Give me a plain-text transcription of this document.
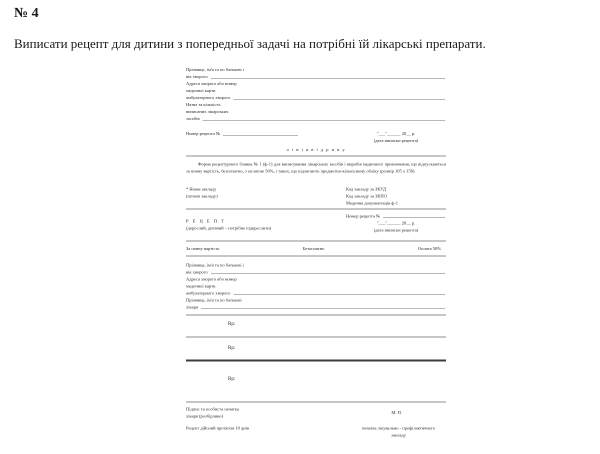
№ 4
Виписати рецепт для дитини з попередньої задачі на потрібні їй лікарські препарати.
Прізвище, ім'я та по батькові і
вік хворого
Адреса хворого або номер
медичної карти
амбулаторного хворого
Назва та кількість
виписаних лікарських
засобів
Номер рецепта №	"___"______ 20__ р.
(дата виписки рецепта)
л і н і я в і д р и в у
Форма рецептурного бланка № 1 (ф-1) для виписування лікарських засобів і виробів медичного призначення, що відпускаються за повну вартість, безоплатно, з оплатою 50%, і таких, що підлягають предметно-кількісному обліку (розмір 105 х 150)
* Назва закладу
(штамп закладу)
Код закладу за ЗКУД
Код закладу за ЗКПО
Медична документація ф-1
Р Е Ц Е П Т
(дорослий, дитячий – потрібне підкреслити)
Номер рецепта №
"___"______ 20__ р.
(дата виписки рецепта)
За повну вартість	Безоплатно	Оплата 50%
Прізвище, ім'я та по батькові і
вік хворого
Адреса хворого або номер
медичної карти
амбулаторного хворого
Прізвище, ім'я та по батькові
лікаря
Rp:
Rp:
Rp:
Підпис та особиста печатка
лікаря (розбірливо)
М. П.
Рецепт дійсний протягом 10 днів	печатка лікувально - профілактичного
закладу
